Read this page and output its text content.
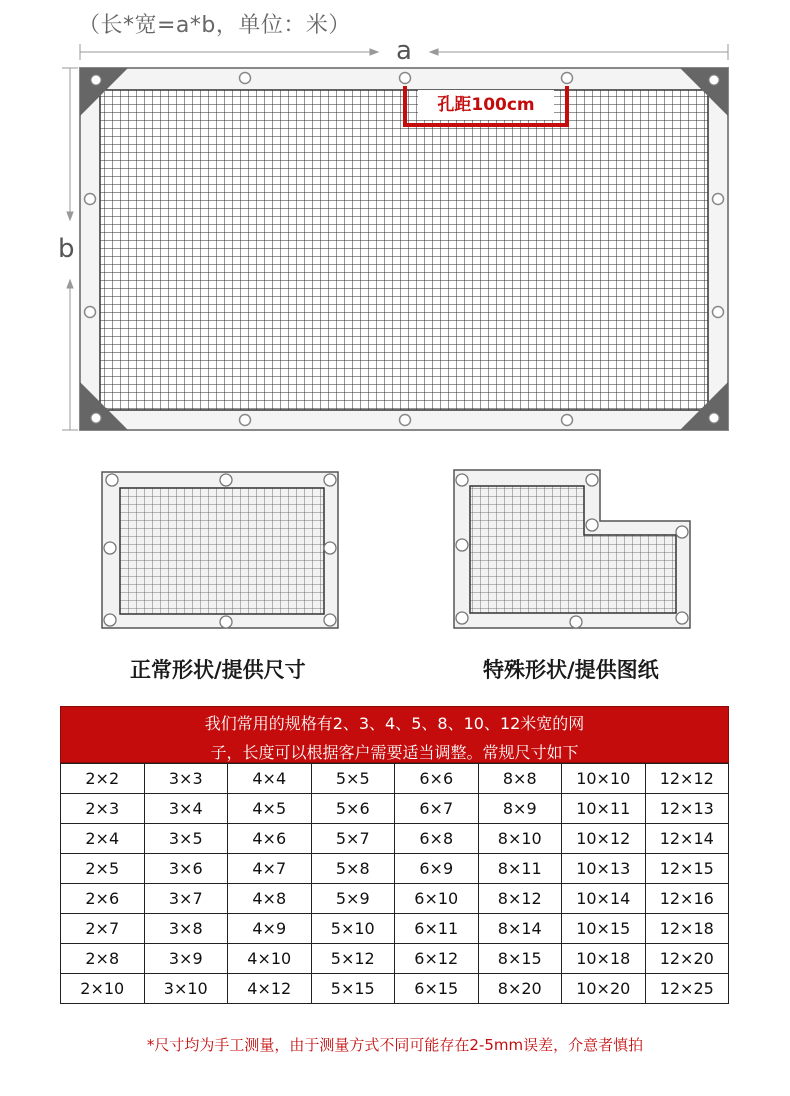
（长*宽=a*b，单位：米）
a
b
孔距100cm
正常形状/提供尺寸	特殊形状/提供图纸
我们常用的规格有2、3、4、5、8、10、12米宽的网
子，长度可以根据客户需要适当调整。常规尺寸如下
2×2	3×3	4×4	5×5	6×6	8×8	10×10	12×12
2×3	3×4	4×5	5×6	6×7	8×9	10×11	12×13
2×4	3×5	4×6	5×7	6×8	8×10	10×12	12×14
2×5	3×6	4×7	5×8	6×9	8×11	10×13	12×15
2×6	3×7	4×8	5×9	6×10	8×12	10×14	12×16
2×7	3×8	4×9	5×10	6×11	8×14	10×15	12×18
2×8	3×9	4×10	5×12	6×12	8×15	10×18	12×20
2×10	3×10	4×12	5×15	6×15	8×20	10×20	12×25
*尺寸均为手工测量，由于测量方式不同可能存在2-5mm误差，介意者慎拍
